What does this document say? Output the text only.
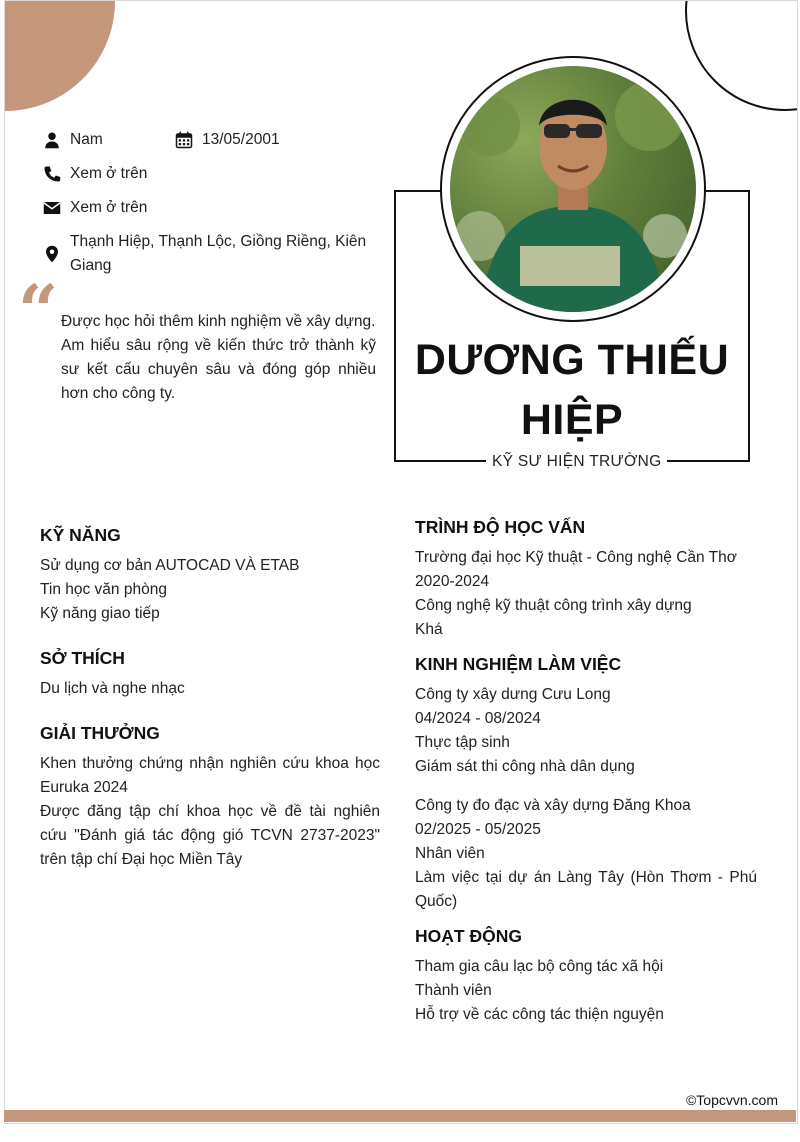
Nam	13/05/2001
Xem ở trên
Xem ở trên
Thạnh Hiệp, Thạnh Lộc, Giồng Riềng, Kiên Giang
“ Được học hỏi thêm kinh nghiệm về xây dựng.

Am hiểu sâu rộng về kiến thức trở thành kỹ sư kết cấu chuyên sâu và đóng góp nhiều hơn cho công ty.

DƯƠNG THIẾU HIỆP
KỸ SƯ HIỆN TRƯỜNG
KỸ NĂNG
Sử dụng cơ bản AUTOCAD VÀ ETAB
Tin học văn phòng
Kỹ năng giao tiếp
SỞ THÍCH
Du lịch và nghe nhạc
GIẢI THƯỞNG
Khen thưởng chứng nhận nghiên cứu khoa học Euruka 2024
Được đăng tập chí khoa học về đề tài nghiên cứu "Đánh giá tác động gió TCVN 2737-2023" trên tập chí Đại học Miền Tây
TRÌNH ĐỘ HỌC VẤN
Trường đại học Kỹ thuật - Công nghệ Cần Thơ
2020-2024
Công nghệ kỹ thuật công trình xây dựng
Khá
KINH NGHIỆM LÀM VIỆC
Công ty xây dưng Cưu Long
04/2024 - 08/2024
Thực tập sinh
Giám sát thi công nhà dân dụng
Công ty đo đạc và xây dựng Đăng Khoa
02/2025 - 05/2025
Nhân viên
Làm việc tại dự án Làng Tây (Hòn Thơm - Phú Quốc)
HOẠT ĐỘNG
Tham gia câu lạc bộ công tác xã hội
Thành viên
Hỗ trợ về các công tác thiện nguyện
©Topcvvn.com
